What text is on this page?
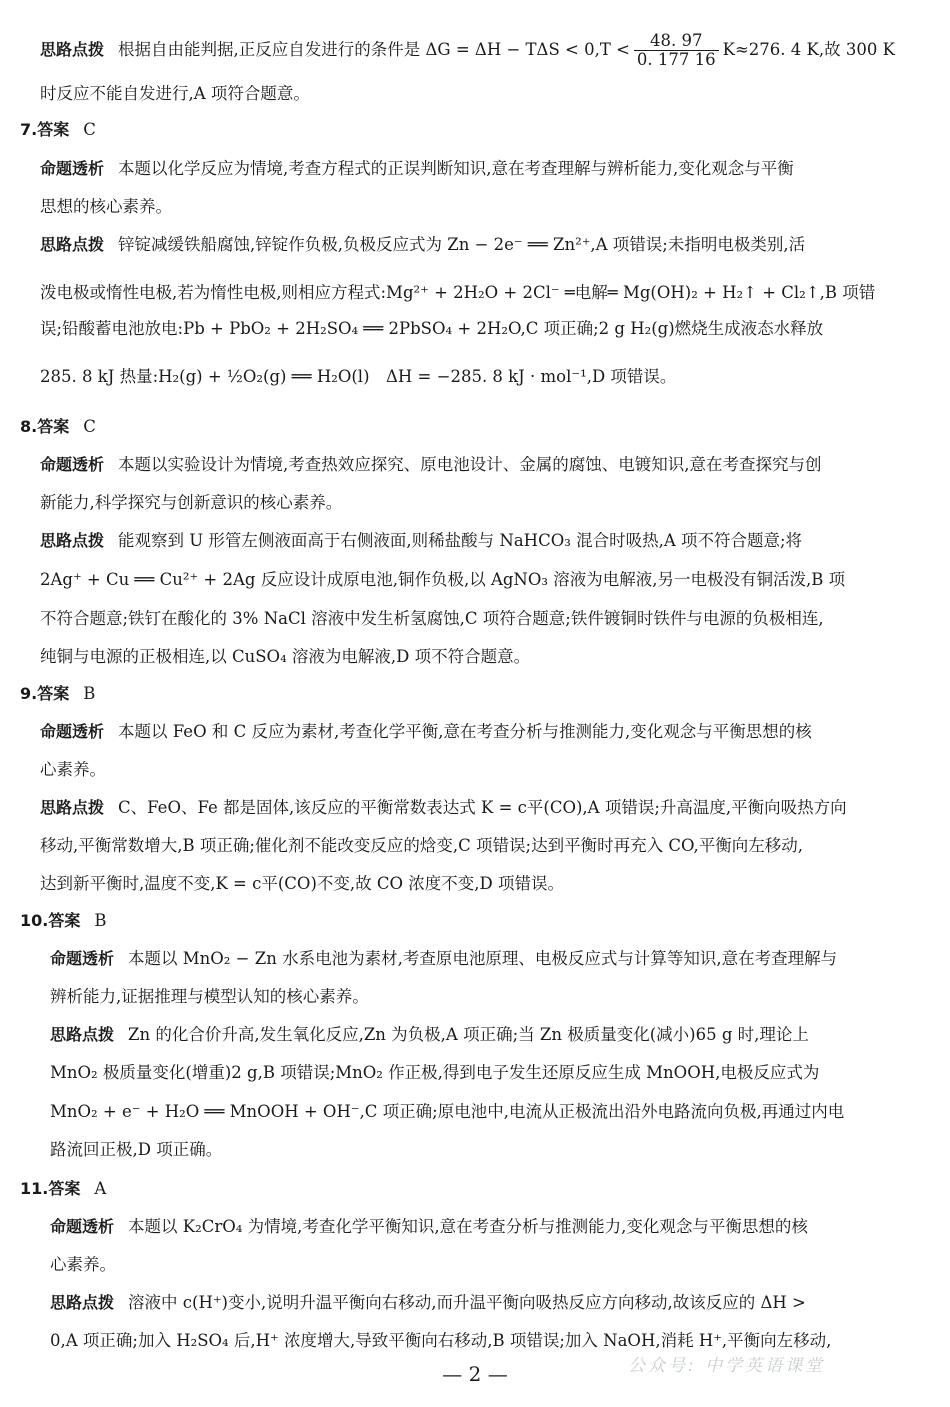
思路点拨 根据自由能判据,正反应自发进行的条件是 $\Delta G = \Delta H - T\Delta S < 0,T < \frac{48. 97}{0. 177 16} K\approx 276$. 4 K,故 300 K
时反应不能自发进行,A 项符合题意。
7.答案 C
命题透析 本题以化学反应为情境,考查方程式的正误判断知识,意在考查理解与辨析能力,变化观念与平衡
思想的核心素养。
思路点拨 锌锭减缓铁船腐蚀,锌锭作负极,负极反应式为 Zn − 2e⁻ ══ Zn²⁺,A 项错误;未指明电极类别,活
泼电极或惰性电极,若为惰性电极,则相应方程式:Mg²⁺ + 2H₂O + 2Cl⁻ ═电解═ Mg(OH)₂ + H₂↑ + Cl₂↑,B 项错
误;铅酸蓄电池放电:Pb + PbO₂ + 2H₂SO₄ ══ 2PbSO₄ + 2H₂O,C 项正确;2 g H₂(g)燃烧生成液态水释放
285. 8 kJ 热量:H₂(g) + ½O₂(g) ══ H₂O(l)　ΔH = −285. 8 kJ · mol⁻¹,D 项错误。
8.答案 C
命题透析 本题以实验设计为情境,考查热效应探究、原电池设计、金属的腐蚀、电镀知识,意在考查探究与创
新能力,科学探究与创新意识的核心素养。
思路点拨 能观察到 U 形管左侧液面高于右侧液面,则稀盐酸与 NaHCO₃ 混合时吸热,A 项不符合题意;将
2Ag⁺ + Cu ══ Cu²⁺ + 2Ag 反应设计成原电池,铜作负极,以 AgNO₃ 溶液为电解液,另一电极没有铜活泼,B 项
不符合题意;铁钉在酸化的 3% NaCl 溶液中发生析氢腐蚀,C 项符合题意;铁件镀铜时铁件与电源的负极相连,
纯铜与电源的正极相连,以 CuSO₄ 溶液为电解液,D 项不符合题意。
9.答案 B
命题透析 本题以 FeO 和 C 反应为素材,考查化学平衡,意在考查分析与推测能力,变化观念与平衡思想的核
心素养。
思路点拨 C、FeO、Fe 都是固体,该反应的平衡常数表达式 K = c平(CO),A 项错误;升高温度,平衡向吸热方向
移动,平衡常数增大,B 项正确;催化剂不能改变反应的焓变,C 项错误;达到平衡时再充入 CO,平衡向左移动,
达到新平衡时,温度不变,K = c平(CO)不变,故 CO 浓度不变,D 项错误。
10.答案 B
命题透析 本题以 MnO₂ − Zn 水系电池为素材,考查原电池原理、电极反应式与计算等知识,意在考查理解与
辨析能力,证据推理与模型认知的核心素养。
思路点拨 Zn 的化合价升高,发生氧化反应,Zn 为负极,A 项正确;当 Zn 极质量变化(减小)65 g 时,理论上
MnO₂ 极质量变化(增重)2 g,B 项错误;MnO₂ 作正极,得到电子发生还原反应生成 MnOOH,电极反应式为
MnO₂ + e⁻ + H₂O ══ MnOOH + OH⁻,C 项正确;原电池中,电流从正极流出沿外电路流向负极,再通过内电
路流回正极,D 项正确。
11.答案 A
命题透析 本题以 K₂CrO₄ 为情境,考查化学平衡知识,意在考查分析与推测能力,变化观念与平衡思想的核
心素养。
思路点拨 溶液中 c(H⁺)变小,说明升温平衡向右移动,而升温平衡向吸热反应方向移动,故该反应的 ΔH >
0,A 项正确;加入 H₂SO₄ 后,H⁺ 浓度增大,导致平衡向右移动,B 项错误;加入 NaOH,消耗 H⁺,平衡向左移动,
— 2 —	公众号: 中学英语课堂
